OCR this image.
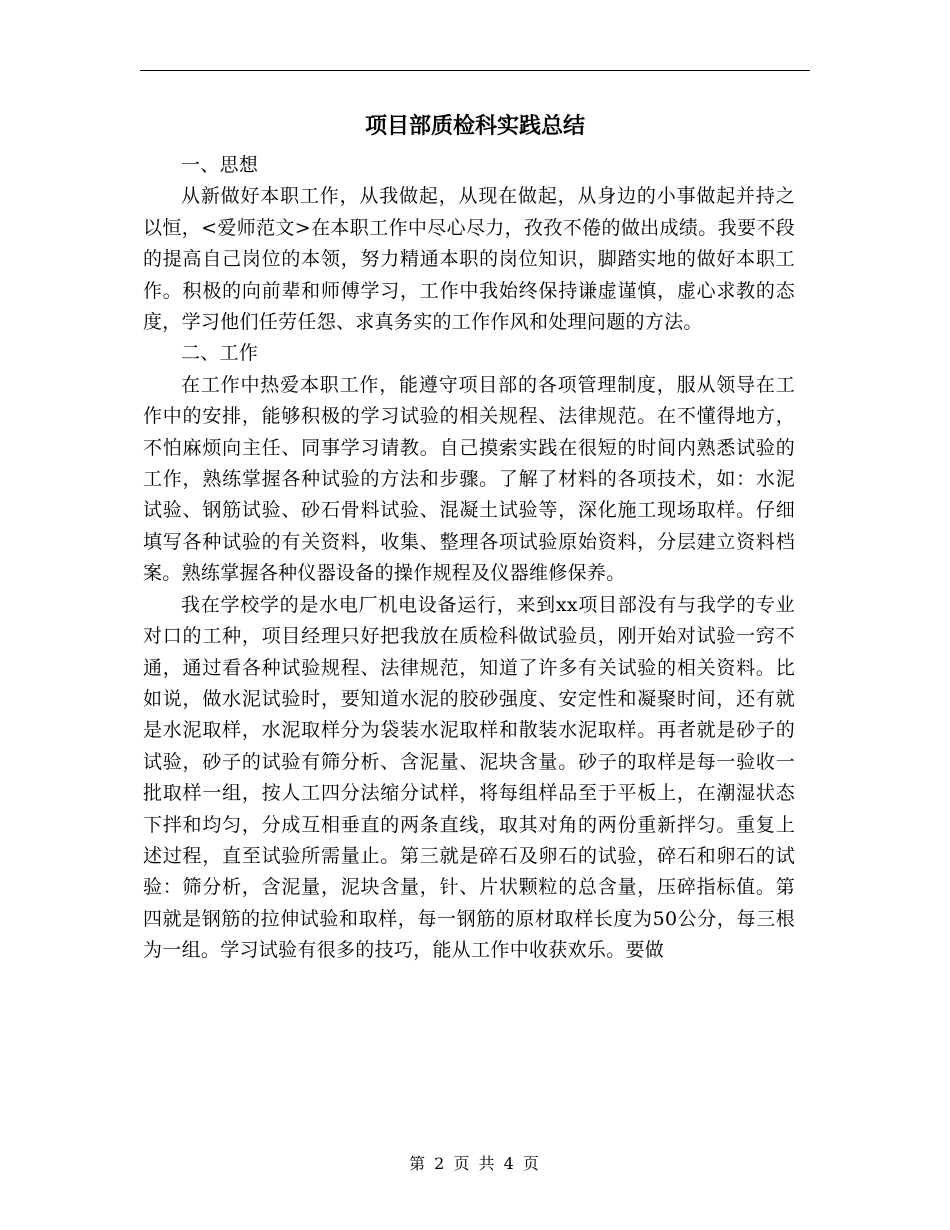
项目部质检科实践总结

一、思想

从新做好本职工作，从我做起，从现在做起，从身边的小事做起并持之以恒，<爱师范文>在本职工作中尽心尽力，孜孜不倦的做出成绩。我要不段的提高自己岗位的本领，努力精通本职的岗位知识，脚踏实地的做好本职工作。积极的向前辈和师傅学习，工作中我始终保持谦虚谨慎，虚心求教的态度，学习他们任劳任怨、求真务实的工作作风和处理问题的方法。

二、工作

在工作中热爱本职工作，能遵守项目部的各项管理制度，服从领导在工作中的安排，能够积极的学习试验的相关规程、法律规范。在不懂得地方，不怕麻烦向主任、同事学习请教。自己摸索实践在很短的时间内熟悉试验的工作，熟练掌握各种试验的方法和步骤。了解了材料的各项技术，如：水泥试验、钢筋试验、砂石骨料试验、混凝土试验等，深化施工现场取样。仔细填写各种试验的有关资料，收集、整理各项试验原始资料，分层建立资料档案。熟练掌握各种仪器设备的操作规程及仪器维修保养。

我在学校学的是水电厂机电设备运行，来到xx项目部没有与我学的专业对口的工种，项目经理只好把我放在质检科做试验员，刚开始对试验一窍不通，通过看各种试验规程、法律规范，知道了许多有关试验的相关资料。比如说，做水泥试验时，要知道水泥的胶砂强度、安定性和凝聚时间，还有就是水泥取样，水泥取样分为袋装水泥取样和散装水泥取样。再者就是砂子的试验，砂子的试验有筛分析、含泥量、泥块含量。砂子的取样是每一验收一批取样一组，按人工四分法缩分试样，将每组样品至于平板上，在潮湿状态下拌和均匀，分成互相垂直的两条直线，取其对角的两份重新拌匀。重复上述过程，直至试验所需量止。第三就是碎石及卵石的试验，碎石和卵石的试验：筛分析，含泥量，泥块含量，针、片状颗粒的总含量，压碎指标值。第四就是钢筋的拉伸试验和取样，每一钢筋的原材取样长度为50公分，每三根为一组。学习试验有很多的技巧，能从工作中收获欢乐。要做

第 2 页 共 4 页
